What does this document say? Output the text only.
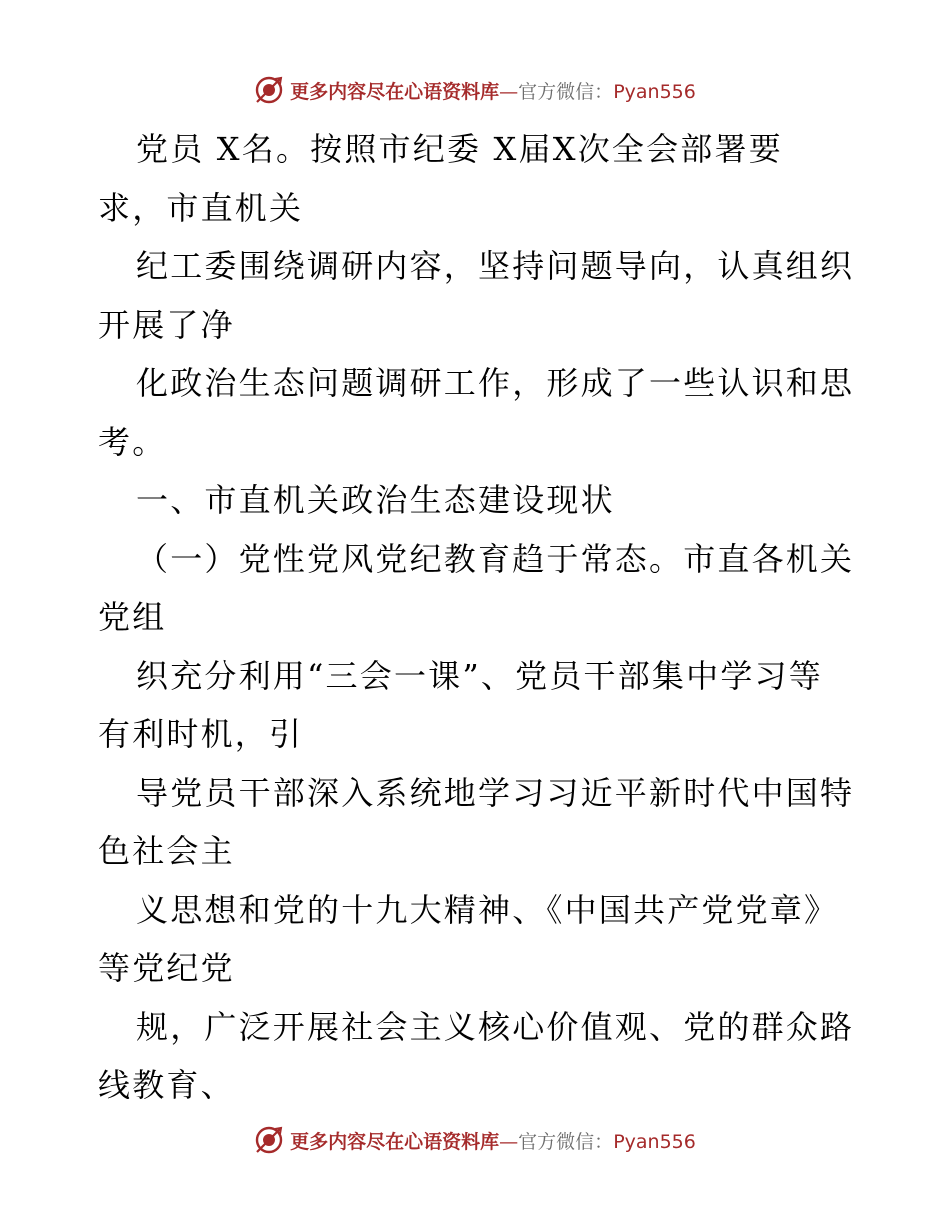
更多内容尽在心语资料库—官方微信：Pyan556
党员 X名。按照市纪委 X届X次全会部署要
求，市直机关
纪工委围绕调研内容，坚持问题导向，认真组织
开展了净
化政治生态问题调研工作，形成了一些认识和思
考。
一、市直机关政治生态建设现状
（一）党性党风党纪教育趋于常态。市直各机关
党组
织充分利用“三会一课”、党员干部集中学习等
有利时机，引
导党员干部深入系统地学习习近平新时代中国特
色社会主
义思想和党的十九大精神、《中国共产党党章》
等党纪党
规，广泛开展社会主义核心价值观、党的群众路
线教育、
更多内容尽在心语资料库—官方微信：Pyan556
